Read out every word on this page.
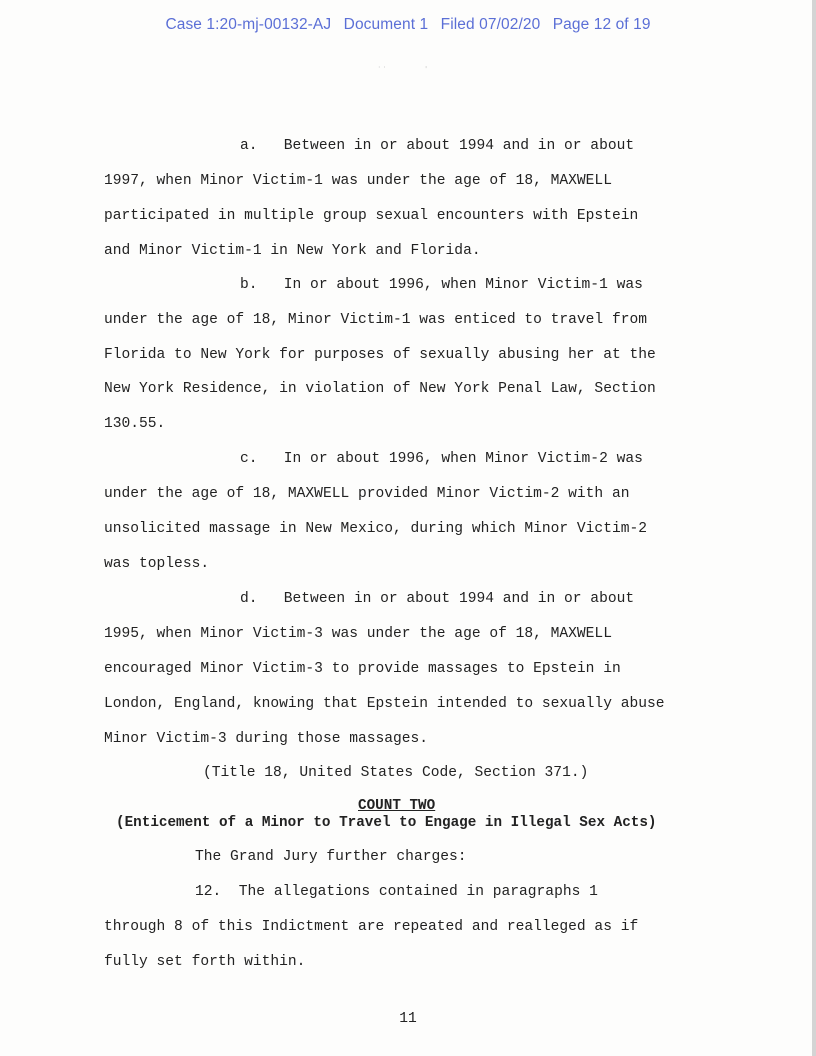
Case 1:20-mj-00132-AJ Document 1 Filed 07/02/20 Page 12 of 19
· ·	'

a.   Between in or about 1994 and in or about

1997, when Minor Victim-1 was under the age of 18, MAXWELL

participated in multiple group sexual encounters with Epstein

and Minor Victim-1 in New York and Florida.

b.   In or about 1996, when Minor Victim-1 was

under the age of 18, Minor Victim-1 was enticed to travel from

Florida to New York for purposes of sexually abusing her at the

New York Residence, in violation of New York Penal Law, Section

130.55.

c.   In or about 1996, when Minor Victim-2 was

under the age of 18, MAXWELL provided Minor Victim-2 with an

unsolicited massage in New Mexico, during which Minor Victim-2

was topless.

d.   Between in or about 1994 and in or about

1995, when Minor Victim-3 was under the age of 18, MAXWELL

encouraged Minor Victim-3 to provide massages to Epstein in

London, England, knowing that Epstein intended to sexually abuse

Minor Victim-3 during those massages.

(Title 18, United States Code, Section 371.)

The Grand Jury further charges:

12.  The allegations contained in paragraphs 1

through 8 of this Indictment are repeated and realleged as if

fully set forth within.

COUNT TWO
(Enticement of a Minor to Travel to Engage in Illegal Sex Acts)
11
